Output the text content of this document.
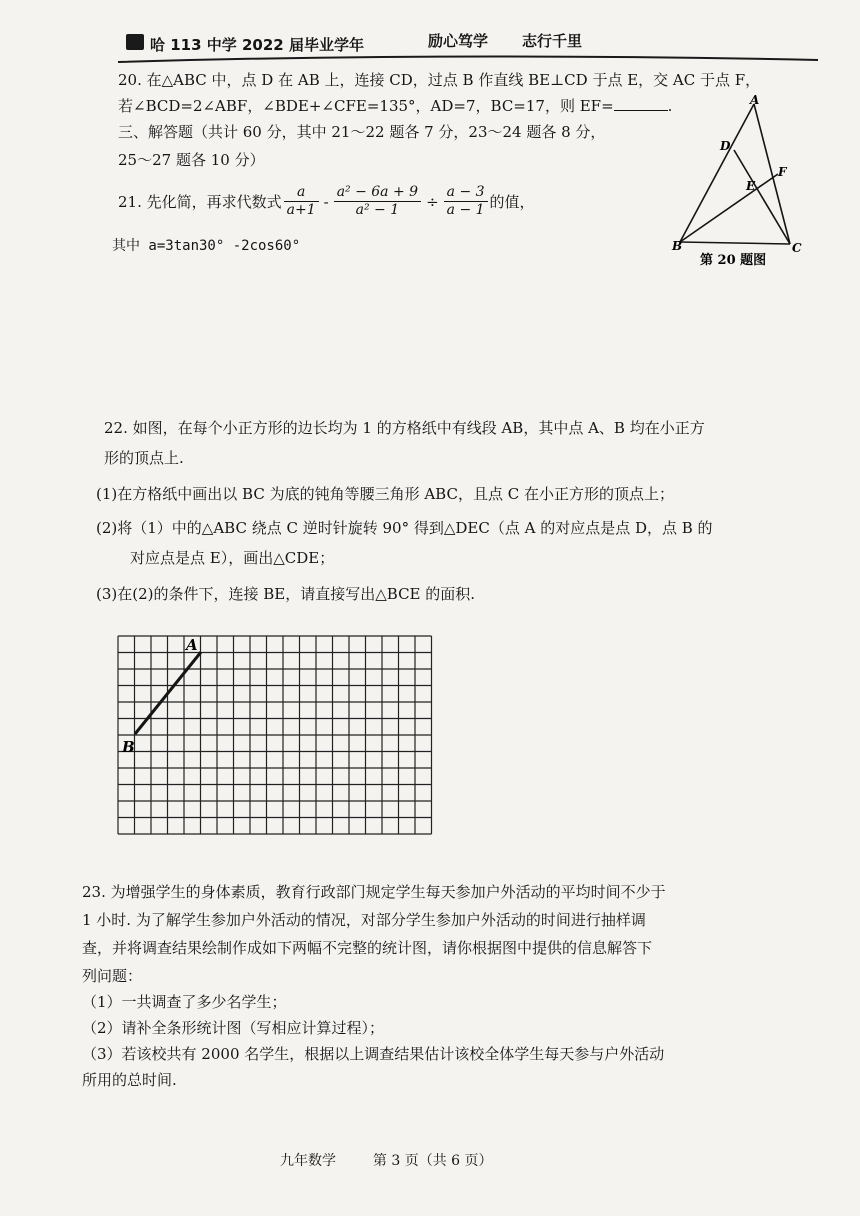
哈 113 中学 2022 届毕业学年	励心笃学 志行千里
20. 在△ABC 中，点 D 在 AB 上，连接 CD，过点 B 作直线 BE⊥CD 于点 E，交 AC 于点 F，
若∠BCD=2∠ABF，∠BDE+∠CFE=135°，AD=7，BC=17，则 EF=	.
三、解答题（共计 60 分，其中 21～22 题各 7 分，23～24 题各 8 分，
25～27 题各 10 分）
A
D
E
F
B	C
第 20 题图
21. 先化简，再求代数式 $\frac{a}{a+1} - \frac{\text{a² − 6a + 9}}{\text{a² − 1}} \div \frac{a - 3}{a - 1}$ 的值，
其中 a=3tan30° -2cos60°
22. 如图，在每个小正方形的边长均为 1 的方格纸中有线段 AB，其中点 A、B 均在小正方
形的顶点上.
(1)在方格纸中画出以 BC 为底的钝角等腰三角形 ABC，且点 C 在小正方形的顶点上；
(2)将（1）中的△ABC 绕点 C 逆时针旋转 90° 得到△DEC（点 A 的对应点是点 D，点 B 的
对应点是点 E），画出△CDE；
(3)在(2)的条件下，连接 BE，请直接写出△BCE 的面积.
A
B
23. 为增强学生的身体素质，教育行政部门规定学生每天参加户外活动的平均时间不少于
1 小时. 为了解学生参加户外活动的情况，对部分学生参加户外活动的时间进行抽样调
查，并将调查结果绘制作成如下两幅不完整的统计图，请你根据图中提供的信息解答下
列问题：
（1）一共调查了多少名学生；
（2）请补全条形统计图（写相应计算过程）；
（3）若该校共有 2000 名学生，根据以上调查结果估计该校全体学生每天参与户外活动
所用的总时间.
九年数学	第 3 页（共 6 页）
